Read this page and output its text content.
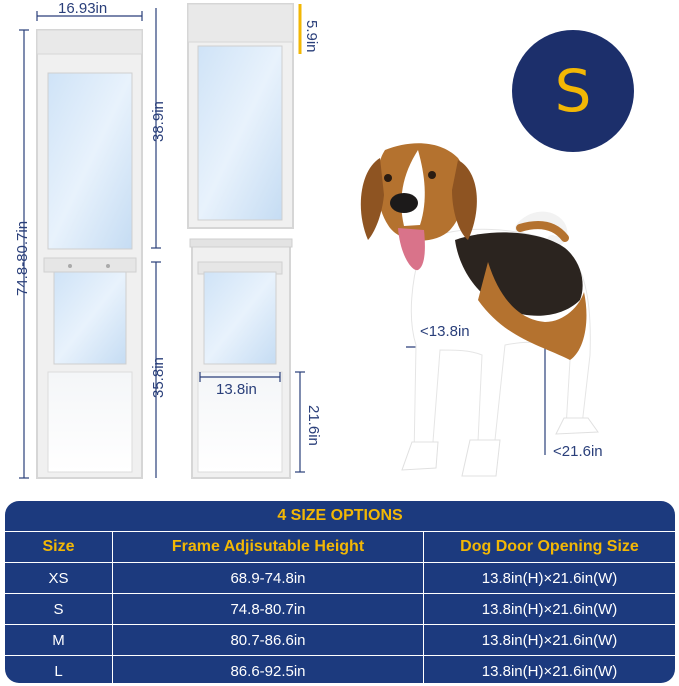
S
16.93in
74.8-80.7in
38.9in
35.8in
5.9in
13.8in
21.6in
<13.8in
<21.6in
4 SIZE OPTIONS
Size	Frame Adjisutable Height	Dog Door Opening Size
XS	68.9-74.8in	13.8in(H)×21.6in(W)
S	74.8-80.7in	13.8in(H)×21.6in(W)
M	80.7-86.6in	13.8in(H)×21.6in(W)
L	86.6-92.5in	13.8in(H)×21.6in(W)
